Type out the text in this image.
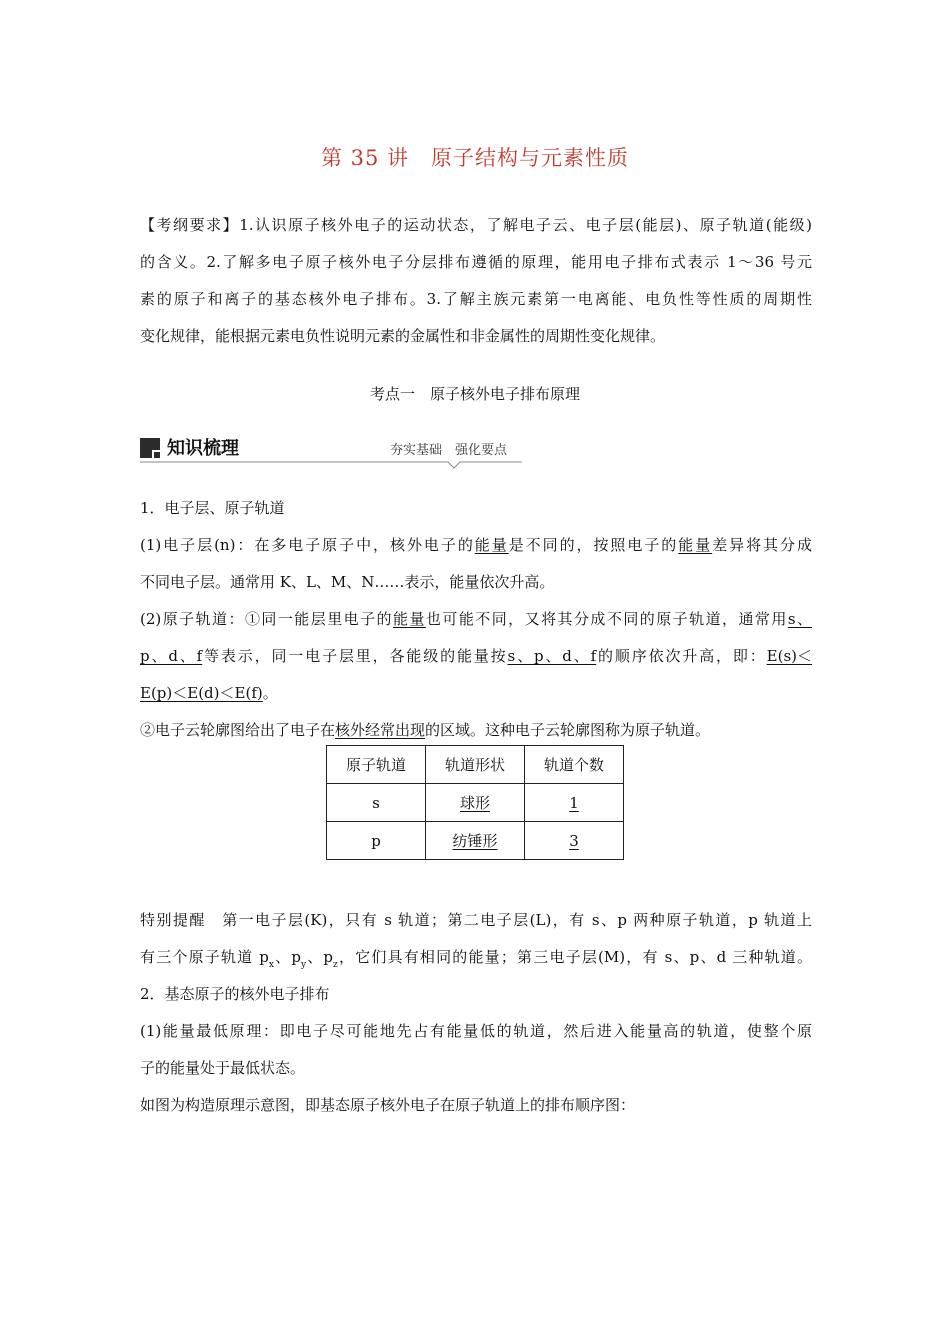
第 35 讲　原子结构与元素性质
【考纲要求】1.认识原子核外电子的运动状态，了解电子云、电子层(能层)、原子轨道(能级)
的含义。2.了解多电子原子核外电子分层排布遵循的原理，能用电子排布式表示 1～36 号元
素的原子和离子的基态核外电子排布。3.了解主族元素第一电离能、电负性等性质的周期性
变化规律，能根据元素电负性说明元素的金属性和非金属性的周期性变化规律。
考点一　原子核外电子排布原理
知识梳理	夯实基础　强化要点
1．电子层、原子轨道
(1)电子层(n)：在多电子原子中，核外电子的能量是不同的，按照电子的能量差异将其分成
不同电子层。通常用 K、L、M、N……表示，能量依次升高。
(2)原子轨道：①同一能层里电子的能量也可能不同，又将其分成不同的原子轨道，通常用s、
p、d、f等表示，同一电子层里，各能级的能量按s、p、d、f的顺序依次升高，即：E(s)＜
E(p)＜E(d)＜E(f)。
②电子云轮廓图给出了电子在核外经常出现的区域。这种电子云轮廓图称为原子轨道。
原子轨道	轨道形状	轨道个数
s	球形	1
p	纺锤形	3
特别提醒　第一电子层(K)，只有 s 轨道；第二电子层(L)，有 s、p 两种原子轨道，p 轨道上
有三个原子轨道 $p_x$、$p_y$、$p_z$，它们具有相同的能量；第三电子层(M)，有 s、p、d 三种轨道。
2．基态原子的核外电子排布
(1)能量最低原理：即电子尽可能地先占有能量低的轨道，然后进入能量高的轨道，使整个原
子的能量处于最低状态。
如图为构造原理示意图，即基态原子核外电子在原子轨道上的排布顺序图：
